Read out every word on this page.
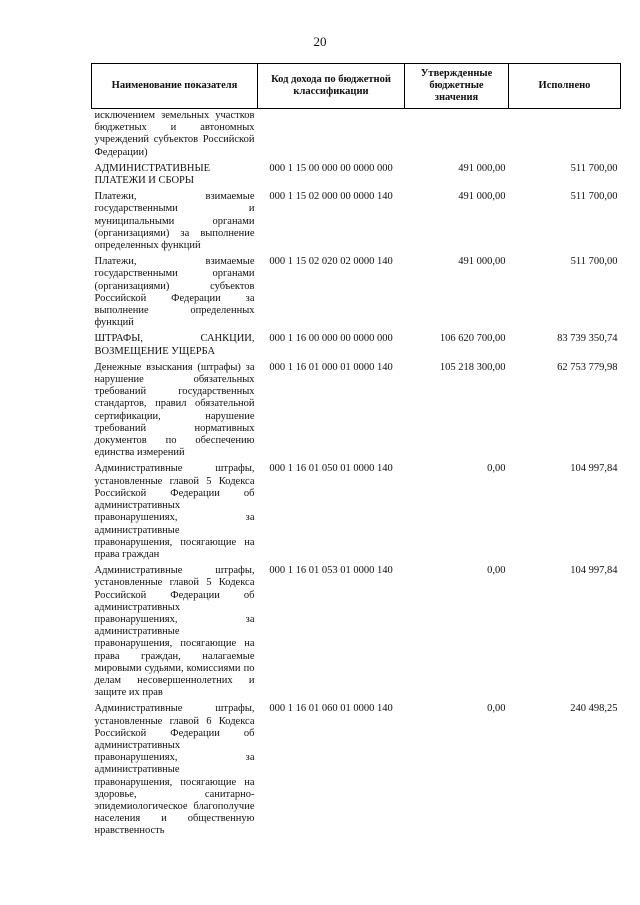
20
Наименование показателя	Код дохода по бюджетной классификации	Утвержденные бюджетные значения	Исполнено
исключением земельных участков бюджетных и автономных учреждений субъектов Российской Федерации)			
АДМИНИСТРАТИВНЫЕ ПЛАТЕЖИ И СБОРЫ	000 1 15 00 000 00 0000 000	491 000,00	511 700,00
Платежи, взимаемые государственными и муниципальными органами (организациями) за выполнение определенных функций	000 1 15 02 000 00 0000 140	491 000,00	511 700,00
Платежи, взимаемые государственными органами (организациями) субъектов Российской Федерации за выполнение определенных функций	000 1 15 02 020 02 0000 140	491 000,00	511 700,00
ШТРАФЫ, САНКЦИИ, ВОЗМЕЩЕНИЕ УЩЕРБА	000 1 16 00 000 00 0000 000	106 620 700,00	83 739 350,74
Денежные взыскания (штрафы) за нарушение обязательных требований государственных стандартов, правил обязательной сертификации, нарушение требований нормативных документов по обеспечению единства измерений	000 1 16 01 000 01 0000 140	105 218 300,00	62 753 779,98
Административные штрафы, установленные главой 5 Кодекса Российской Федерации об административных правонарушениях, за административные правонарушения, посягающие на права граждан	000 1 16 01 050 01 0000 140	0,00	104 997,84
Административные штрафы, установленные главой 5 Кодекса Российской Федерации об административных правонарушениях, за административные правонарушения, посягающие на права граждан, налагаемые мировыми судьями, комиссиями по делам несовершеннолетних и защите их прав	000 1 16 01 053 01 0000 140	0,00	104 997,84
Административные штрафы, установленные главой 6 Кодекса Российской Федерации об административных правонарушениях, за административные правонарушения, посягающие на здоровье, санитарно-эпидемиологическое благополучие населения и общественную нравственность	000 1 16 01 060 01 0000 140	0,00	240 498,25
